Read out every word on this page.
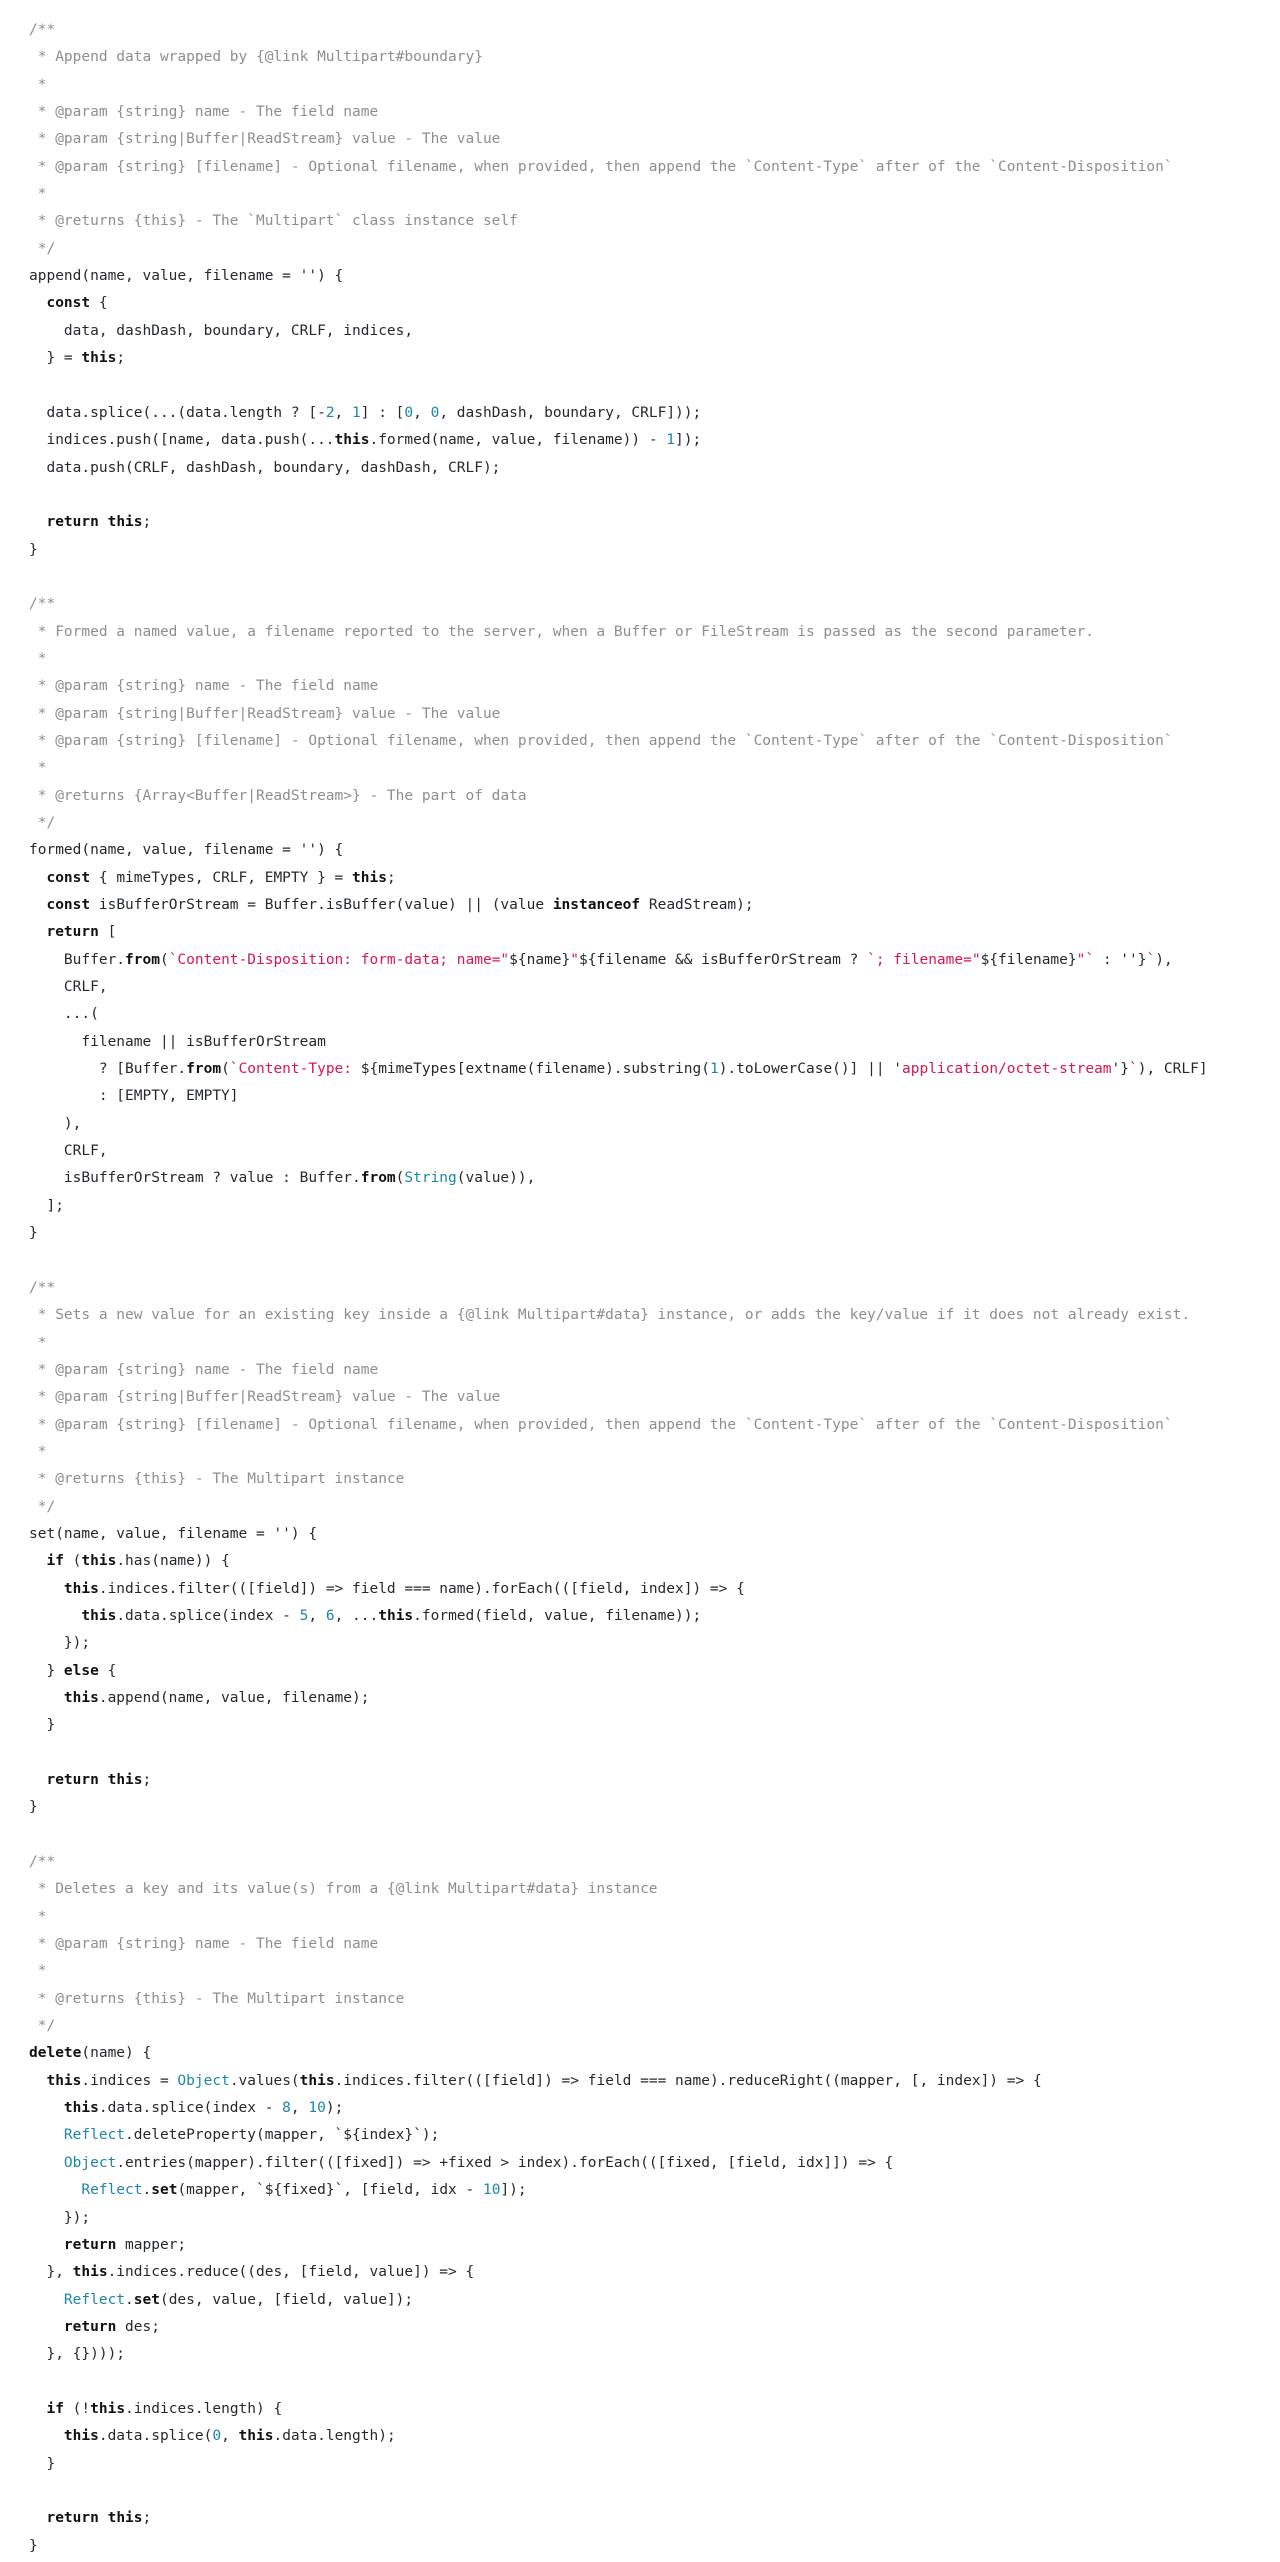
/**
* Append data wrapped by {@link Multipart#boundary}
*
* @param {string} name - The field name
* @param {string|Buffer|ReadStream} value - The value
* @param {string} [filename] - Optional filename, when provided, then append the `Content-Type` after of the `Content-Disposition`
*
* @returns {this} - The `Multipart` class instance self
*/
append(name, value, filename = '') {
const {
data, dashDash, boundary, CRLF, indices,
} = this;
data.splice(...(data.length ? [-2, 1] : [0, 0, dashDash, boundary, CRLF]));
indices.push([name, data.push(...this.formed(name, value, filename)) - 1]);
data.push(CRLF, dashDash, boundary, dashDash, CRLF);
return this;
}
/**
* Formed a named value, a filename reported to the server, when a Buffer or FileStream is passed as the second parameter.
*
* @param {string} name - The field name
* @param {string|Buffer|ReadStream} value - The value
* @param {string} [filename] - Optional filename, when provided, then append the `Content-Type` after of the `Content-Disposition`
*
* @returns {Array<Buffer|ReadStream>} - The part of data
*/
formed(name, value, filename = '') {
const { mimeTypes, CRLF, EMPTY } = this;
const isBufferOrStream = Buffer.isBuffer(value) || (value instanceof ReadStream);
return [
Buffer.from(`Content-Disposition: form-data; name="${name}"${filename && isBufferOrStream ? `; filename="${filename}"` : ''}`),
CRLF,
...(
filename || isBufferOrStream
? [Buffer.from(`Content-Type: ${mimeTypes[extname(filename).substring(1).toLowerCase()] || 'application/octet-stream'}`), CRLF]
: [EMPTY, EMPTY]
),
CRLF,
isBufferOrStream ? value : Buffer.from(String(value)),
];
}
/**
* Sets a new value for an existing key inside a {@link Multipart#data} instance, or adds the key/value if it does not already exist.
*
* @param {string} name - The field name
* @param {string|Buffer|ReadStream} value - The value
* @param {string} [filename] - Optional filename, when provided, then append the `Content-Type` after of the `Content-Disposition`
*
* @returns {this} - The Multipart instance
*/
set(name, value, filename = '') {
if (this.has(name)) {
this.indices.filter(([field]) => field === name).forEach(([field, index]) => {
this.data.splice(index - 5, 6, ...this.formed(field, value, filename));
});
} else {
this.append(name, value, filename);
}
return this;
}
/**
* Deletes a key and its value(s) from a {@link Multipart#data} instance
*
* @param {string} name - The field name
*
* @returns {this} - The Multipart instance
*/
delete(name) {
this.indices = Object.values(this.indices.filter(([field]) => field === name).reduceRight((mapper, [, index]) => {
this.data.splice(index - 8, 10);
Reflect.deleteProperty(mapper, `${index}`);
Object.entries(mapper).filter(([fixed]) => +fixed > index).forEach(([fixed, [field, idx]]) => {
Reflect.set(mapper, `${fixed}`, [field, idx - 10]);
});
return mapper;
}, this.indices.reduce((des, [field, value]) => {
Reflect.set(des, value, [field, value]);
return des;
}, {})));
if (!this.indices.length) {
this.data.splice(0, this.data.length);
}
return this;
}
